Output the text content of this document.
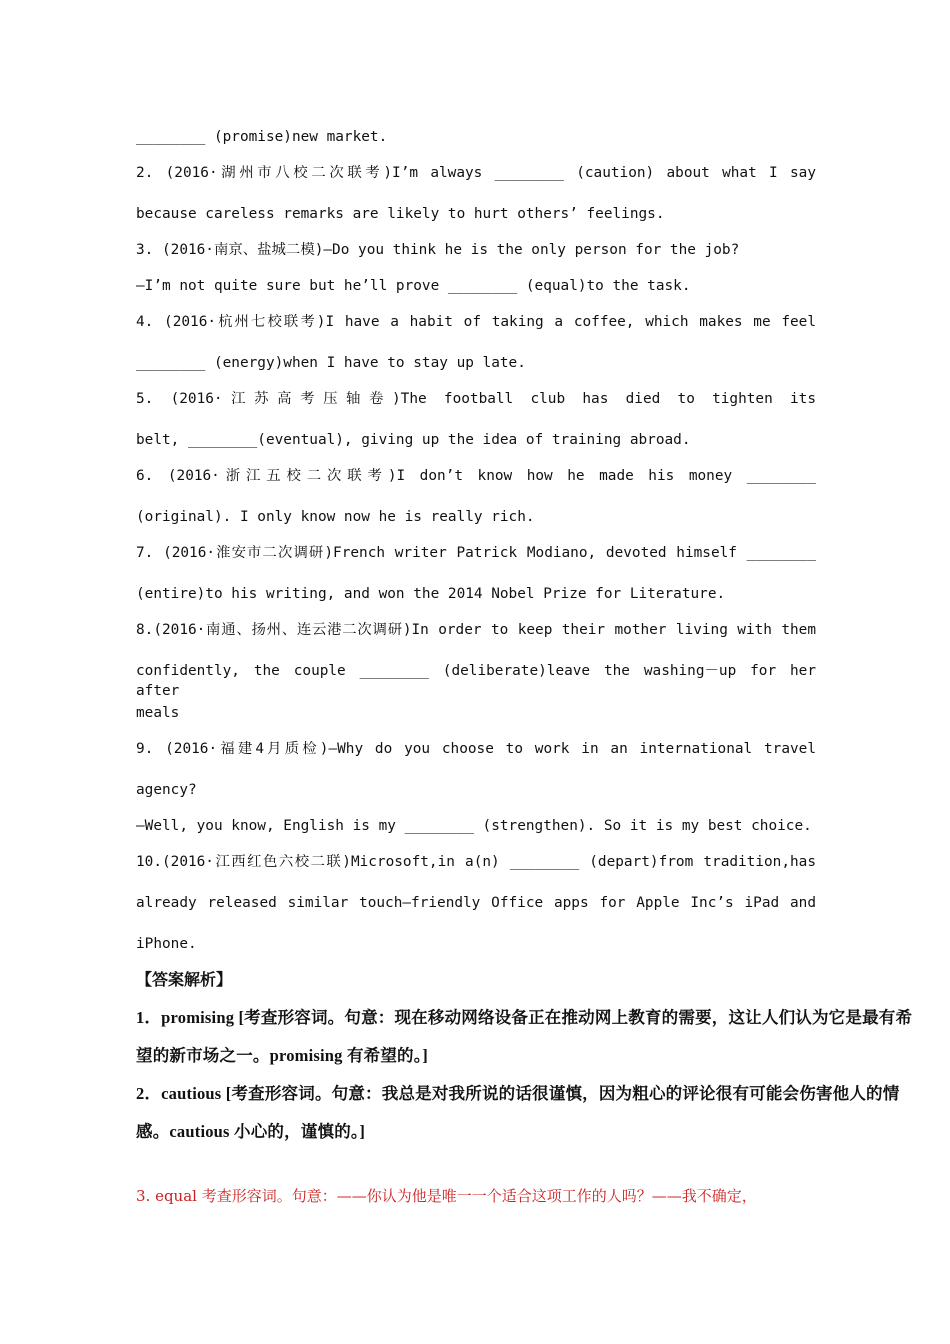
________ (promise)new market.
2. (2016·湖州市八校二次联考)I’m always ________ (caution) about what I say
because careless remarks are likely to hurt others’ feelings.
3. (2016·南京、盐城二模)—Do you think he is the only person for the job?
—I’m not quite sure but he’ll prove ________ (equal)to the task.
4. (2016·杭州七校联考)I have a habit of taking a coffee, which makes me feel
________ (energy)when I have to stay up late.
5. (2016·江苏高考压轴卷)The football club has died to tighten its
belt, ________(eventual), giving up the idea of training abroad.
6. (2016·浙江五校二次联考)I don’t know how he made his money ________
(original). I only know now he is really rich.
7. (2016·淮安市二次调研)French writer Patrick Modiano, devoted himself ________
(entire)to his writing, and won the 2014 Nobel Prize for Literature.
8.(2016·南通、扬州、连云港二次调研)In order to keep their mother living with them
confidently, the couple ________ (deliberate)leave the washing－up for her after
meals
9. (2016·福建4月质检)—Why do you choose to work in an international travel
agency?
—Well, you know, English is my ________ (strengthen). So it is my best choice.
10.(2016·江西红色六校二联)Microsoft,in a(n) ________ (depart)from tradition,has
already released similar touch—friendly Office apps for Apple Inc’s iPad and
iPhone.
【答案解析】
1．promising [考查形容词。句意：现在移动网络设备正在推动网上教育的需要，这让人们认为它是最有希
望的新市场之一。promising 有希望的。]
2．cautious [考查形容词。句意：我总是对我所说的话很谨慎，因为粗心的评论很有可能会伤害他人的情
感。cautious 小心的，谨慎的。]
3. equal 考查形容词。句意：——你认为他是唯一一个适合这项工作的人吗？——我不确定，
